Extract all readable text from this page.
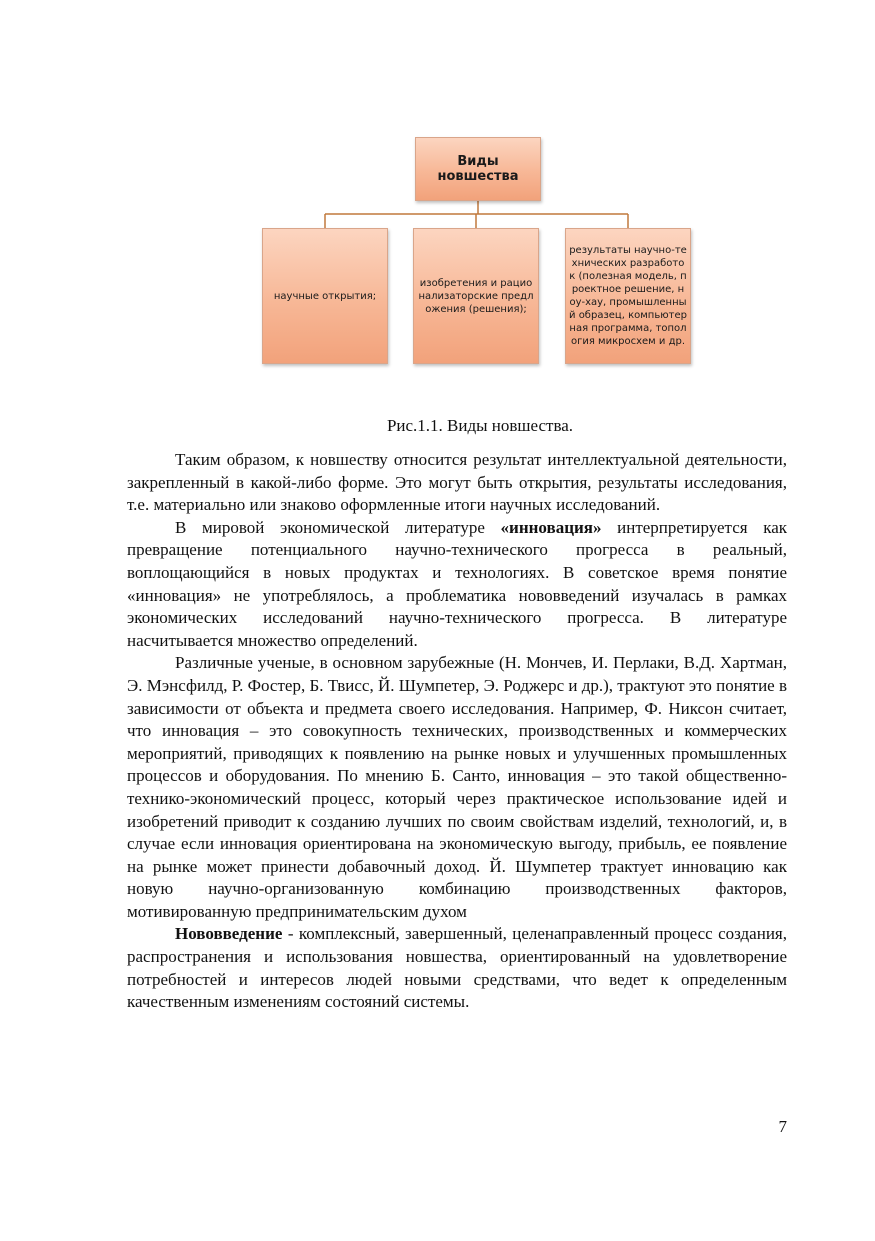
Виды новшества
научные открытия;
изобретения и рационализаторские предложения (решения);
результаты научно-технических разработок (полезная модель, проектное решение, ноу-хау, промышленный образец, компьютерная программа, топология микросхем и др.
Рис.1.1. Виды новшества.

Таким образом, к новшеству относится результат интеллектуальной деятельности, закрепленный в какой-либо форме. Это могут быть открытия, результаты исследования, т.е. материально или знаково оформленные итоги научных исследований.

В мировой экономической литературе «инновация» интерпретируется как превращение потенциального научно-технического прогресса в реальный, воплощающийся в новых продуктах и технологиях. В советское время понятие «инновация» не употреблялось, а проблематика нововведений изучалась в рамках экономических исследований научно-технического прогресса. В литературе насчитывается множество определений.

Различные ученые, в основном зарубежные (Н. Мончев, И. Перлаки, В.Д. Хартман, Э. Мэнсфилд, Р. Фостер, Б. Твисс, Й. Шумпетер, Э. Роджерс и др.), трактуют это понятие в зависимости от объекта и предмета своего исследования. Например, Ф. Никсон считает, что инновация – это совокупность технических, производственных и коммерческих мероприятий, приводящих к появлению на рынке новых и улучшенных промышленных процессов и оборудования. По мнению Б. Санто, инновация – это такой общественно-технико-экономический процесс, который через практическое использование идей и изобретений приводит к созданию лучших по своим свойствам изделий, технологий, и, в случае если инновация ориентирована на экономическую выгоду, прибыль, ее появление на рынке может принести добавочный доход. Й. Шумпетер трактует инновацию как новую научно-организованную комбинацию производственных факторов, мотивированную предпринимательским духом

Нововведение - комплексный, завершенный, целенаправленный процесс создания, распространения и использования новшества, ориентированный на удовлетворение потребностей и интересов людей новыми средствами, что ведет к определенным качественным изменениям состояний системы.

7
